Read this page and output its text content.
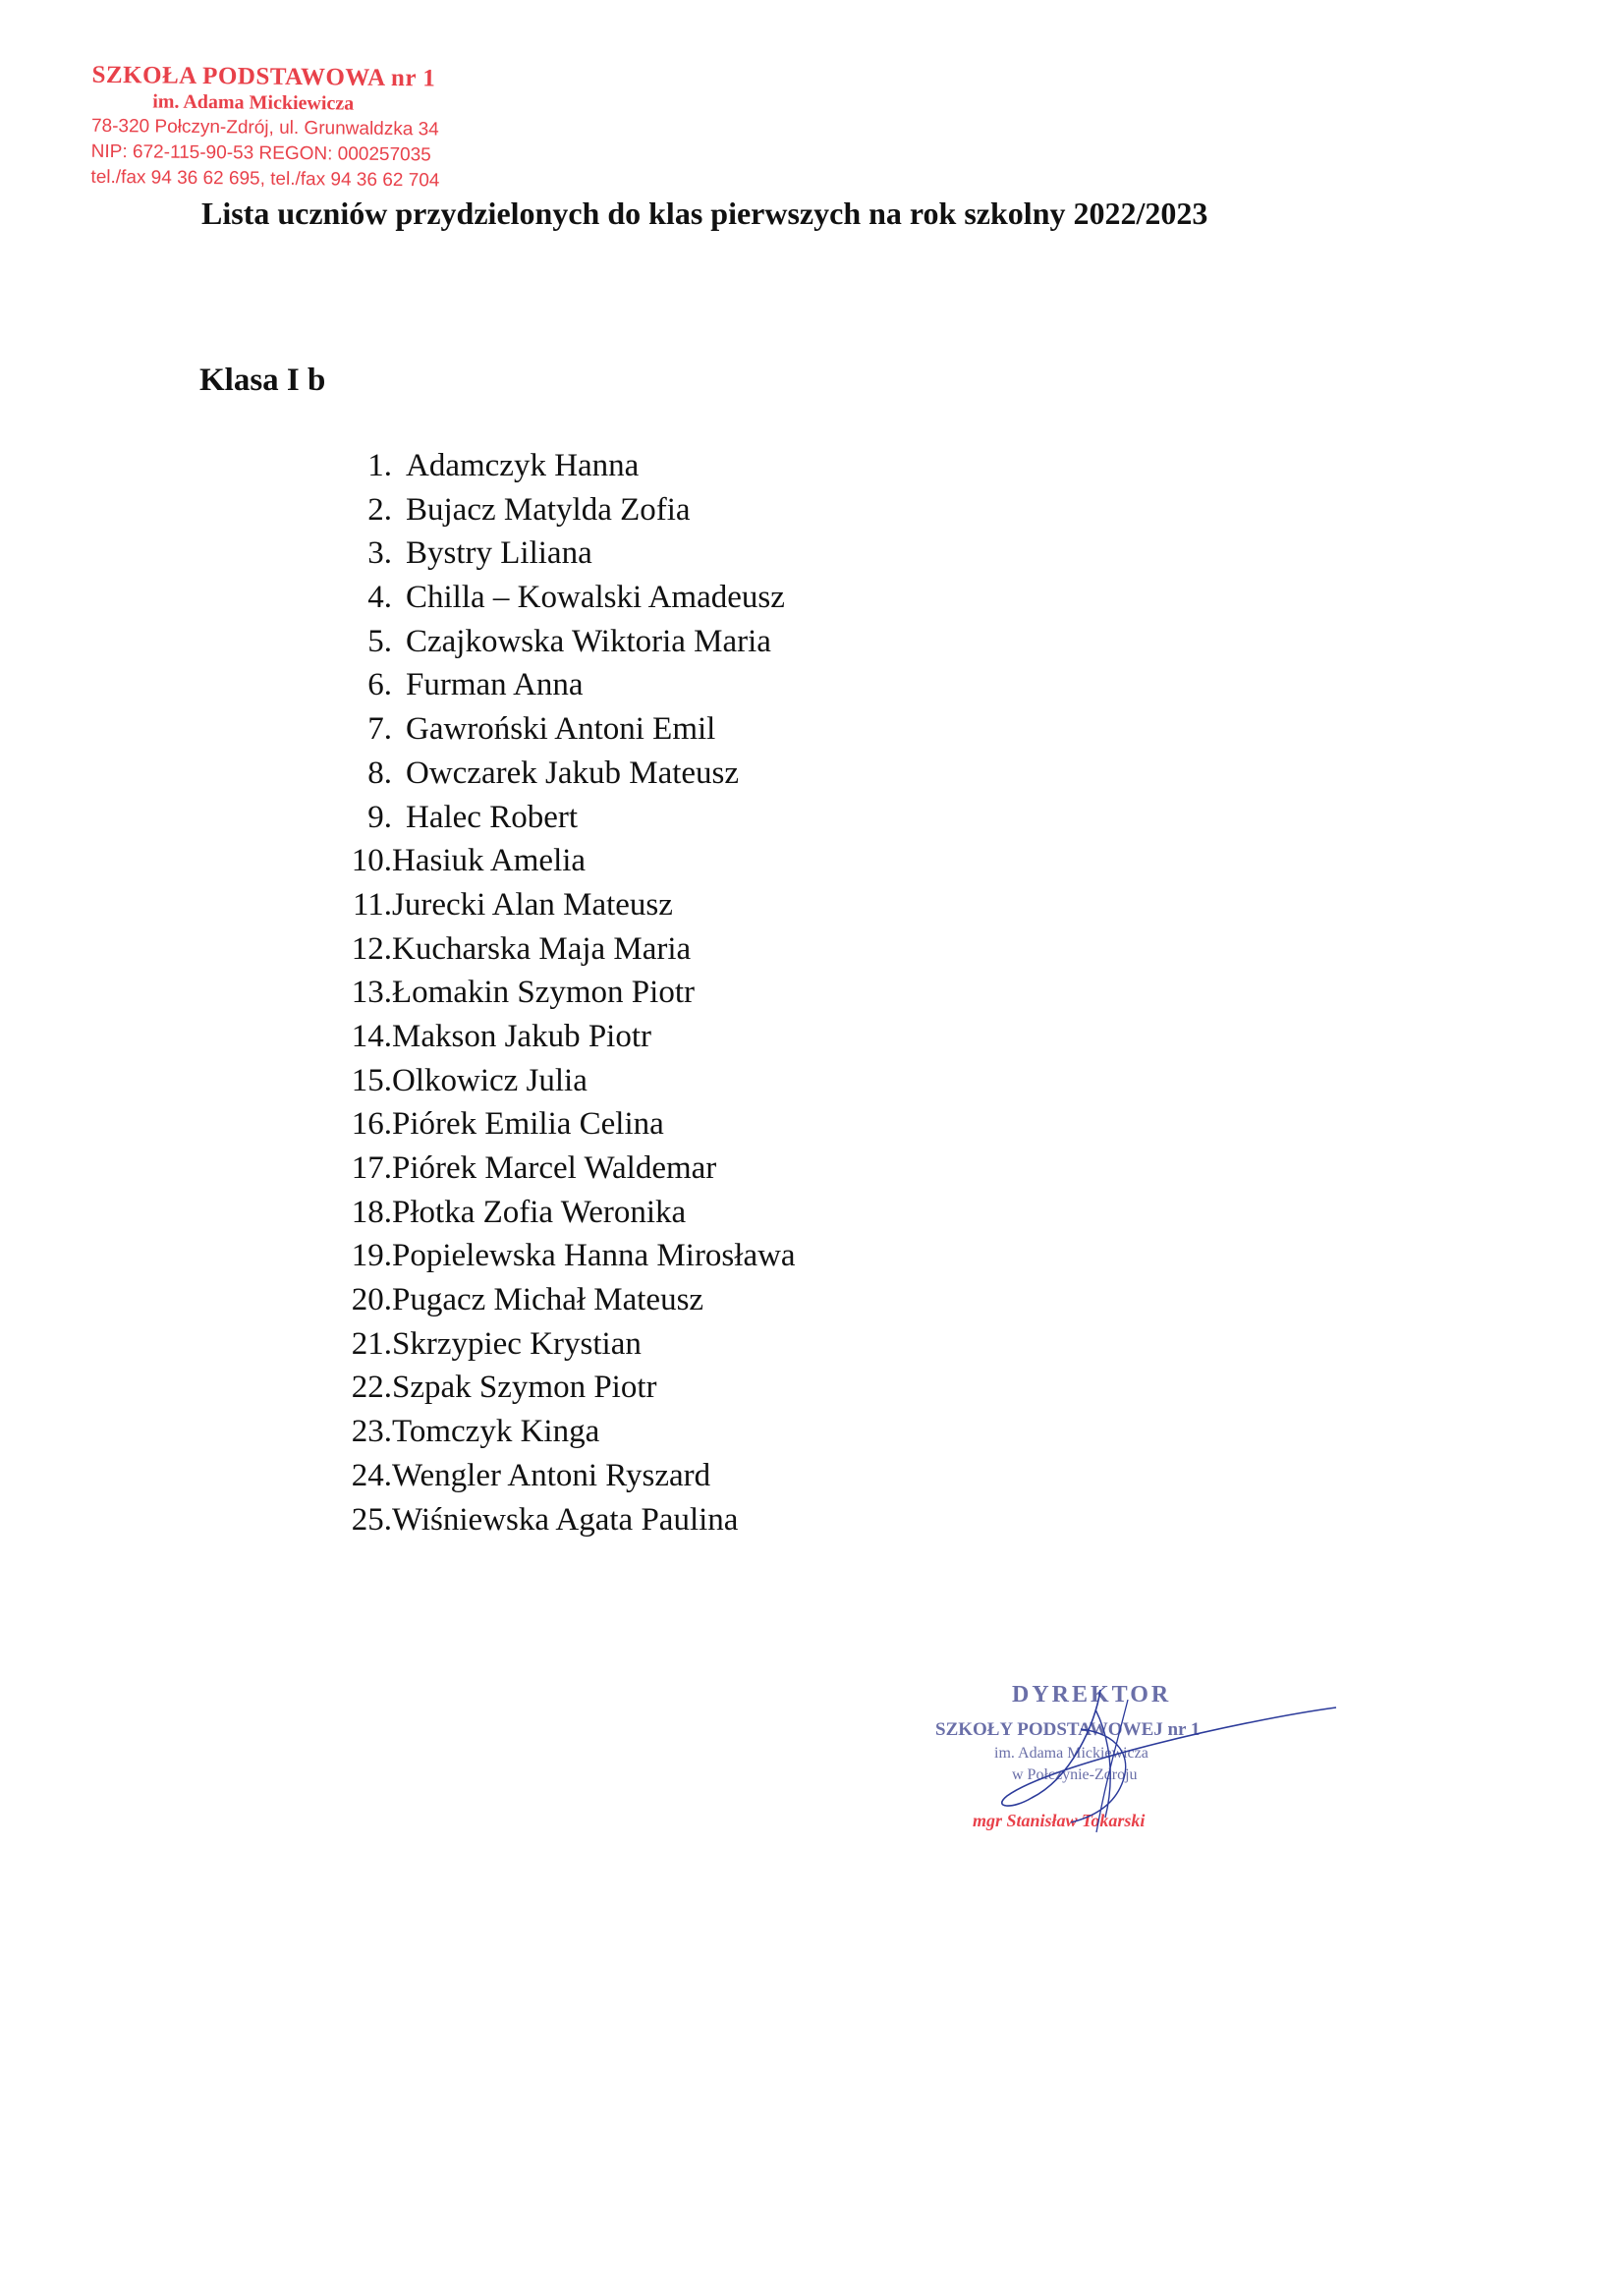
SZKOŁA PODSTAWOWA nr 1
im. Adama Mickiewicza
78-320 Połczyn-Zdrój, ul. Grunwaldzka 34
NIP: 672-115-90-53 REGON: 000257035
tel./fax 94 36 62 695, tel./fax 94 36 62 704
Lista uczniów przydzielonych do klas pierwszych na rok szkolny 2022/2023
Klasa I b
1. Adamczyk Hanna
2. Bujacz Matylda Zofia
3. Bystry Liliana
4. Chilla – Kowalski Amadeusz
5. Czajkowska Wiktoria Maria
6. Furman Anna
7. Gawroński Antoni Emil
8. Owczarek Jakub Mateusz
9. Halec Robert
10. Hasiuk Amelia
11. Jurecki Alan Mateusz
12. Kucharska Maja Maria
13. Łomakin Szymon Piotr
14. Makson Jakub Piotr
15. Olkowicz Julia
16. Piórek Emilia Celina
17. Piórek Marcel Waldemar
18. Płotka Zofia Weronika
19. Popielewska Hanna Mirosława
20. Pugacz Michał Mateusz
21. Skrzypiec Krystian
22. Szpak Szymon Piotr
23. Tomczyk Kinga
24. Wengler Antoni Ryszard
25. Wiśniewska Agata Paulina
DYREKTOR
SZKOŁY PODSTAWOWEJ nr 1
im. Adama Mickiewicza
w Połczynie-Zdroju
mgr Stanisław Tokarski
